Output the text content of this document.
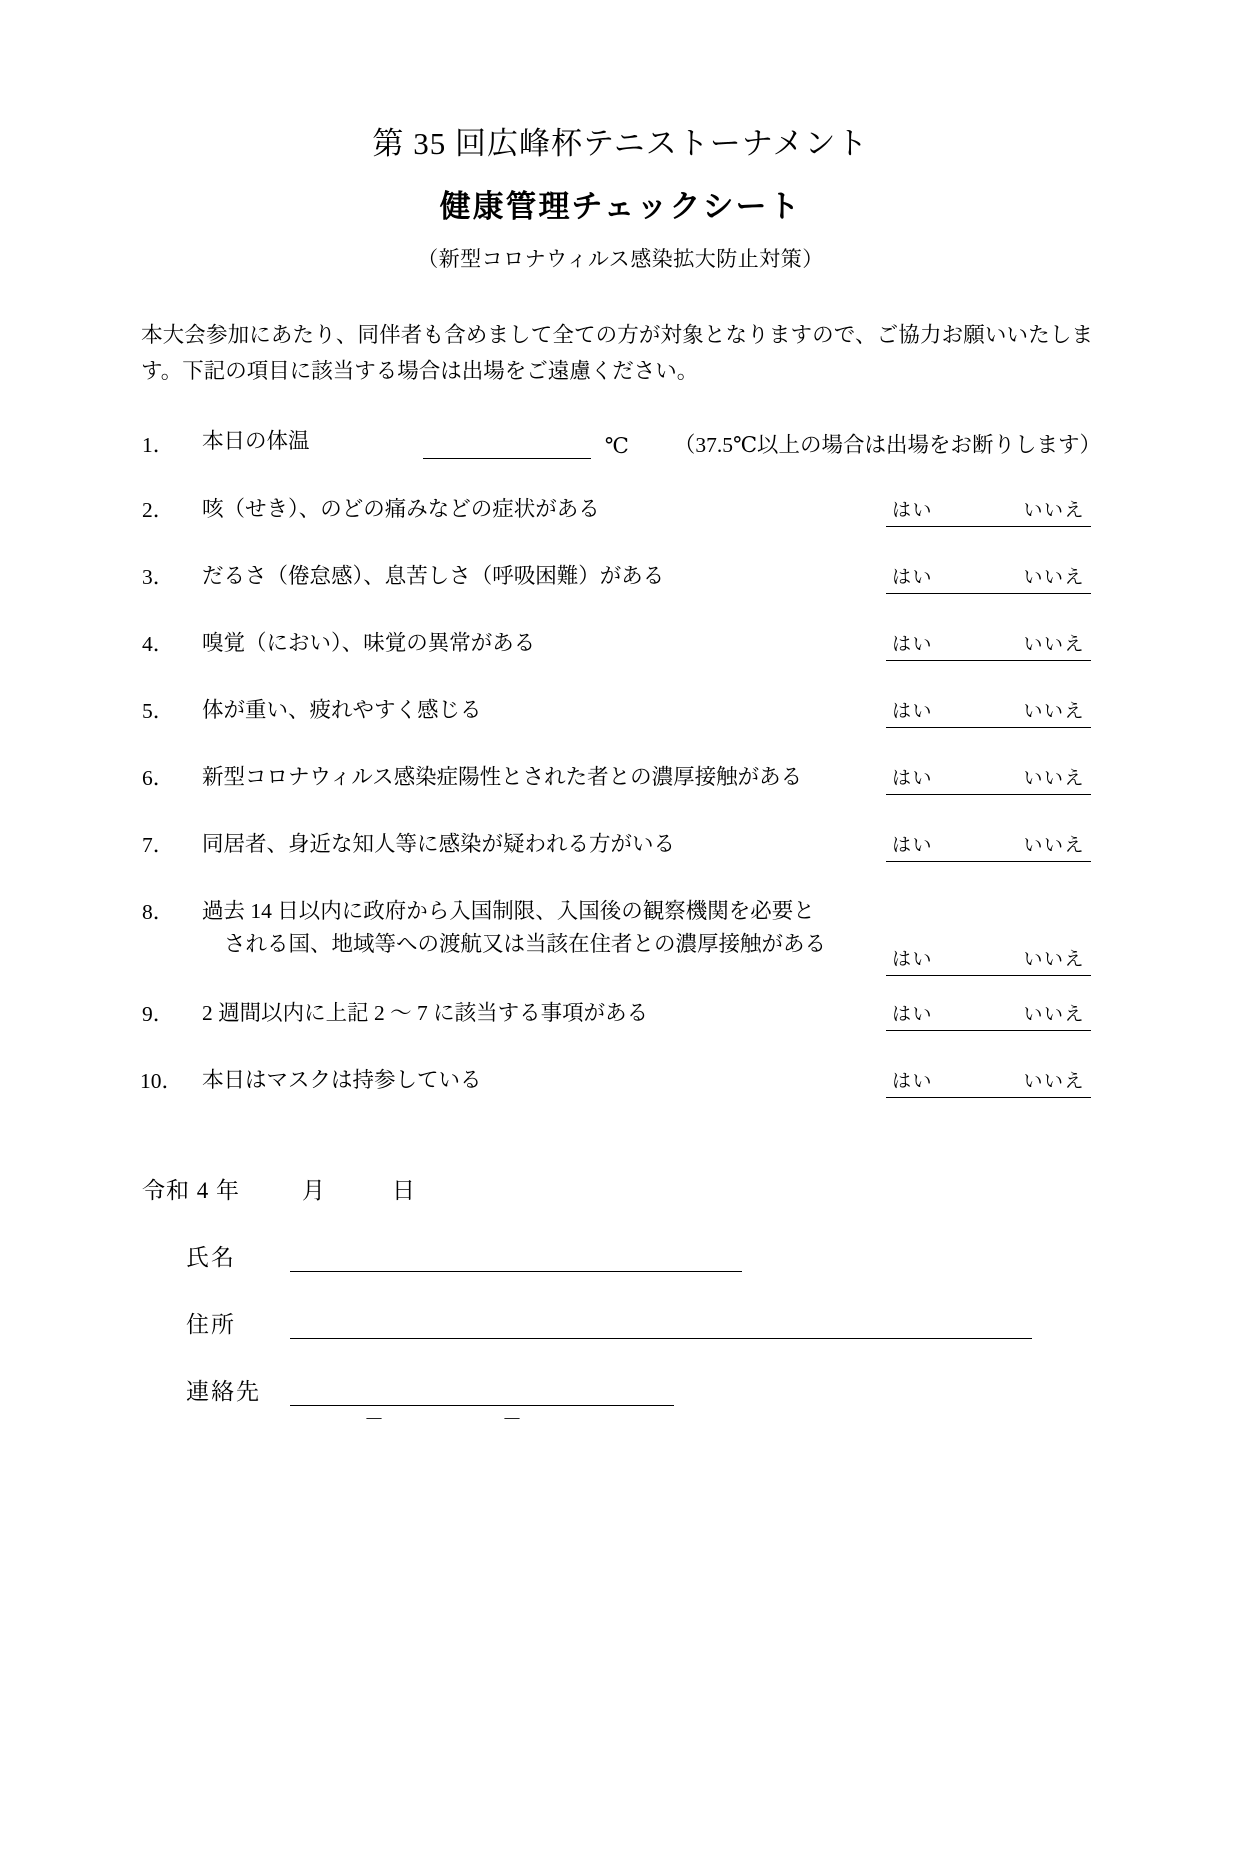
第 35 回広峰杯テニストーナメント
健康管理チェックシート
（新型コロナウィルス感染拡大防止対策）

本大会参加にあたり、同伴者も含めまして全ての方が対象となりますので、ご協力お願いいたします。下記の項目に該当する場合は出場をご遠慮ください。

1．	本日の体温	℃ （37.5℃以上の場合は出場をお断りします）
2．	咳（せき）、のどの痛みなどの症状がある	はい	いいえ
3．	だるさ（倦怠感）、息苦しさ（呼吸困難）がある	はい	いいえ
4．	嗅覚（におい）、味覚の異常がある	はい	いいえ
5．	体が重い、疲れやすく感じる	はい	いいえ
6．	新型コロナウィルス感染症陽性とされた者との濃厚接触がある	はい	いいえ
7．	同居者、身近な知人等に感染が疑われる方がいる	はい	いいえ
8．	過去 14 日以内に政府から入国制限、入国後の観察機関を必要と
される国、地域等への渡航又は当該在住者との濃厚接触がある
はい	いいえ
9．	2 週間以内に上記 2 ～ 7 に該当する事項がある	はい	いいえ
10． 本日はマスクは持参している	はい	いいえ
令和 4 年	月	日
氏名
住所
連絡先
－	－
